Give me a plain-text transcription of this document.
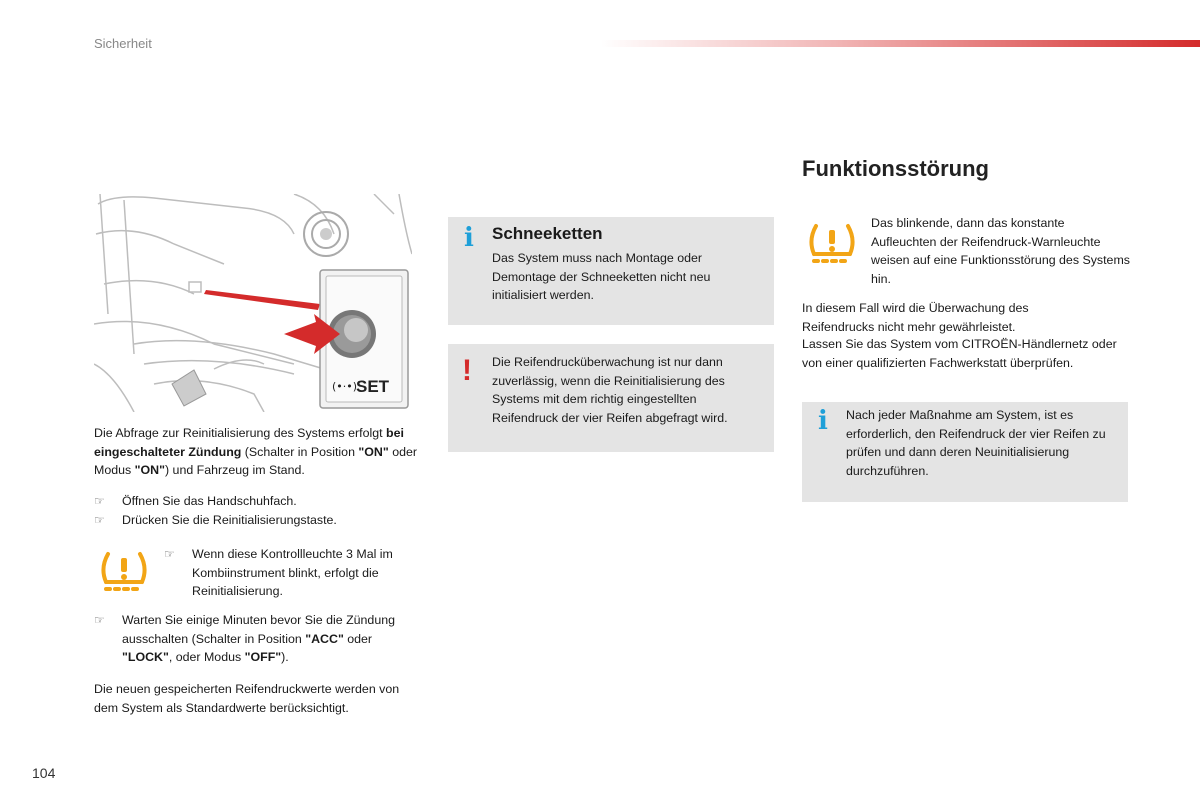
Sicherheit
(•·•)
SET
Die Abfrage zur Reinitialisierung des Systems erfolgt bei eingeschalteter Zündung (Schalter in Position "ON" oder Modus "ON") und Fahrzeug im Stand.
☞	Öffnen Sie das Handschuhfach.
☞	Drücken Sie die Reinitialisierungstaste.
☞	Wenn diese Kontrollleuchte 3 Mal im Kombiinstrument blinkt, erfolgt die Reinitialisierung.
☞	Warten Sie einige Minuten bevor Sie die Zündung ausschalten (Schalter in Position "ACC" oder "LOCK", oder Modus "OFF").
Die neuen gespeicherten Reifendruckwerte werden von dem System als Standardwerte berücksichtigt.
i Schneeketten
Das System muss nach Montage oder Demontage der Schneeketten nicht neu initialisiert werden.
! Die Reifendrucküberwachung ist nur dann zuverlässig, wenn die Reinitialisierung des Systems mit dem richtig eingestellten Reifendruck der vier Reifen abgefragt wird.
Funktionsstörung
Das blinkende, dann das konstante Aufleuchten der Reifendruck-Warnleuchte weisen auf eine Funktionsstörung des Systems hin.
In diesem Fall wird die Überwachung des Reifendrucks nicht mehr gewährleistet.
Lassen Sie das System vom CITROËN-Händlernetz oder von einer qualifizierten Fachwerkstatt überprüfen.
i Nach jeder Maßnahme am System, ist es erforderlich, den Reifendruck der vier Reifen zu prüfen und dann deren Neuinitialisierung durchzuführen.
104
